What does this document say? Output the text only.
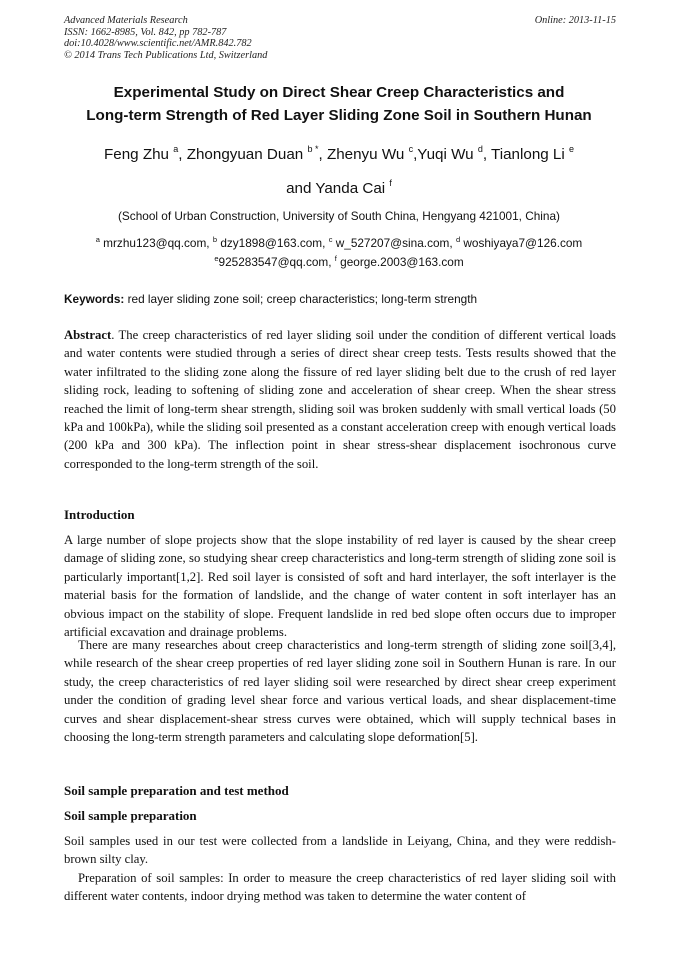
Advanced Materials Research
ISSN: 1662-8985, Vol. 842, pp 782-787
doi:10.4028/www.scientific.net/AMR.842.782
© 2014 Trans Tech Publications Ltd, Switzerland
Online: 2013-11-15
Experimental Study on Direct Shear Creep Characteristics and
Long-term Strength of Red Layer Sliding Zone Soil in Southern Hunan
Feng Zhu $^a$, Zhongyuan Duan $^{b *}$, Zhenyu Wu $^c$,Yuqi Wu $^d$, Tianlong Li $^e$
and Yanda Cai $^f$
(School of Urban Construction, University of South China, Hengyang 421001, China)
$^a$ mrzhu123@qq.com, $^b$ dzy1898@163.com, $^c$ w_527207@sina.com, $^d$ woshiyaya7@126.com
$^e$925283547@qq.com, $^f$ george.2003@163.com
Keywords: red layer sliding zone soil; creep characteristics; long-term strength
Abstract. The creep characteristics of red layer sliding soil under the condition of different vertical loads and water contents were studied through a series of direct shear creep tests. Tests results showed that the water infiltrated to the sliding zone along the fissure of red layer sliding belt due to the crush of red layer sliding rock, leading to softening of sliding zone and acceleration of shear creep. When the shear stress reached the limit of long-term shear strength, sliding soil was broken suddenly with small vertical loads (50 kPa and 100kPa), while the sliding soil presented as a constant acceleration creep with enough vertical loads (200 kPa and 300 kPa). The inflection point in shear stress-shear displacement isochronous curve corresponded to the long-term strength of the soil.
Introduction
A large number of slope projects show that the slope instability of red layer is caused by the shear creep damage of sliding zone, so studying shear creep characteristics and long-term strength of sliding zone soil is particularly important[1,2]. Red soil layer is consisted of soft and hard interlayer, the soft interlayer is the material basis for the formation of landslide, and the change of water content in soft interlayer has an obvious impact on the stability of slope. Frequent landslide in red bed slope often occurs due to improper artificial excavation and drainage problems.
There are many researches about creep characteristics and long-term strength of sliding zone soil[3,4], while research of the shear creep properties of red layer sliding zone soil in Southern Hunan is rare. In our study, the creep characteristics of red layer sliding soil were researched by direct shear creep experiment under the condition of grading level shear force and various vertical loads, and shear displacement-time curves and shear displacement-shear stress curves were obtained, which will supply technical bases in choosing the long-term strength parameters and calculating slope deformation[5].
Soil sample preparation and test method
Soil sample preparation
Soil samples used in our test were collected from a landslide in Leiyang, China, and they were reddish-brown silty clay.
Preparation of soil samples: In order to measure the creep characteristics of red layer sliding soil with different water contents, indoor drying method was taken to determine the water content of
